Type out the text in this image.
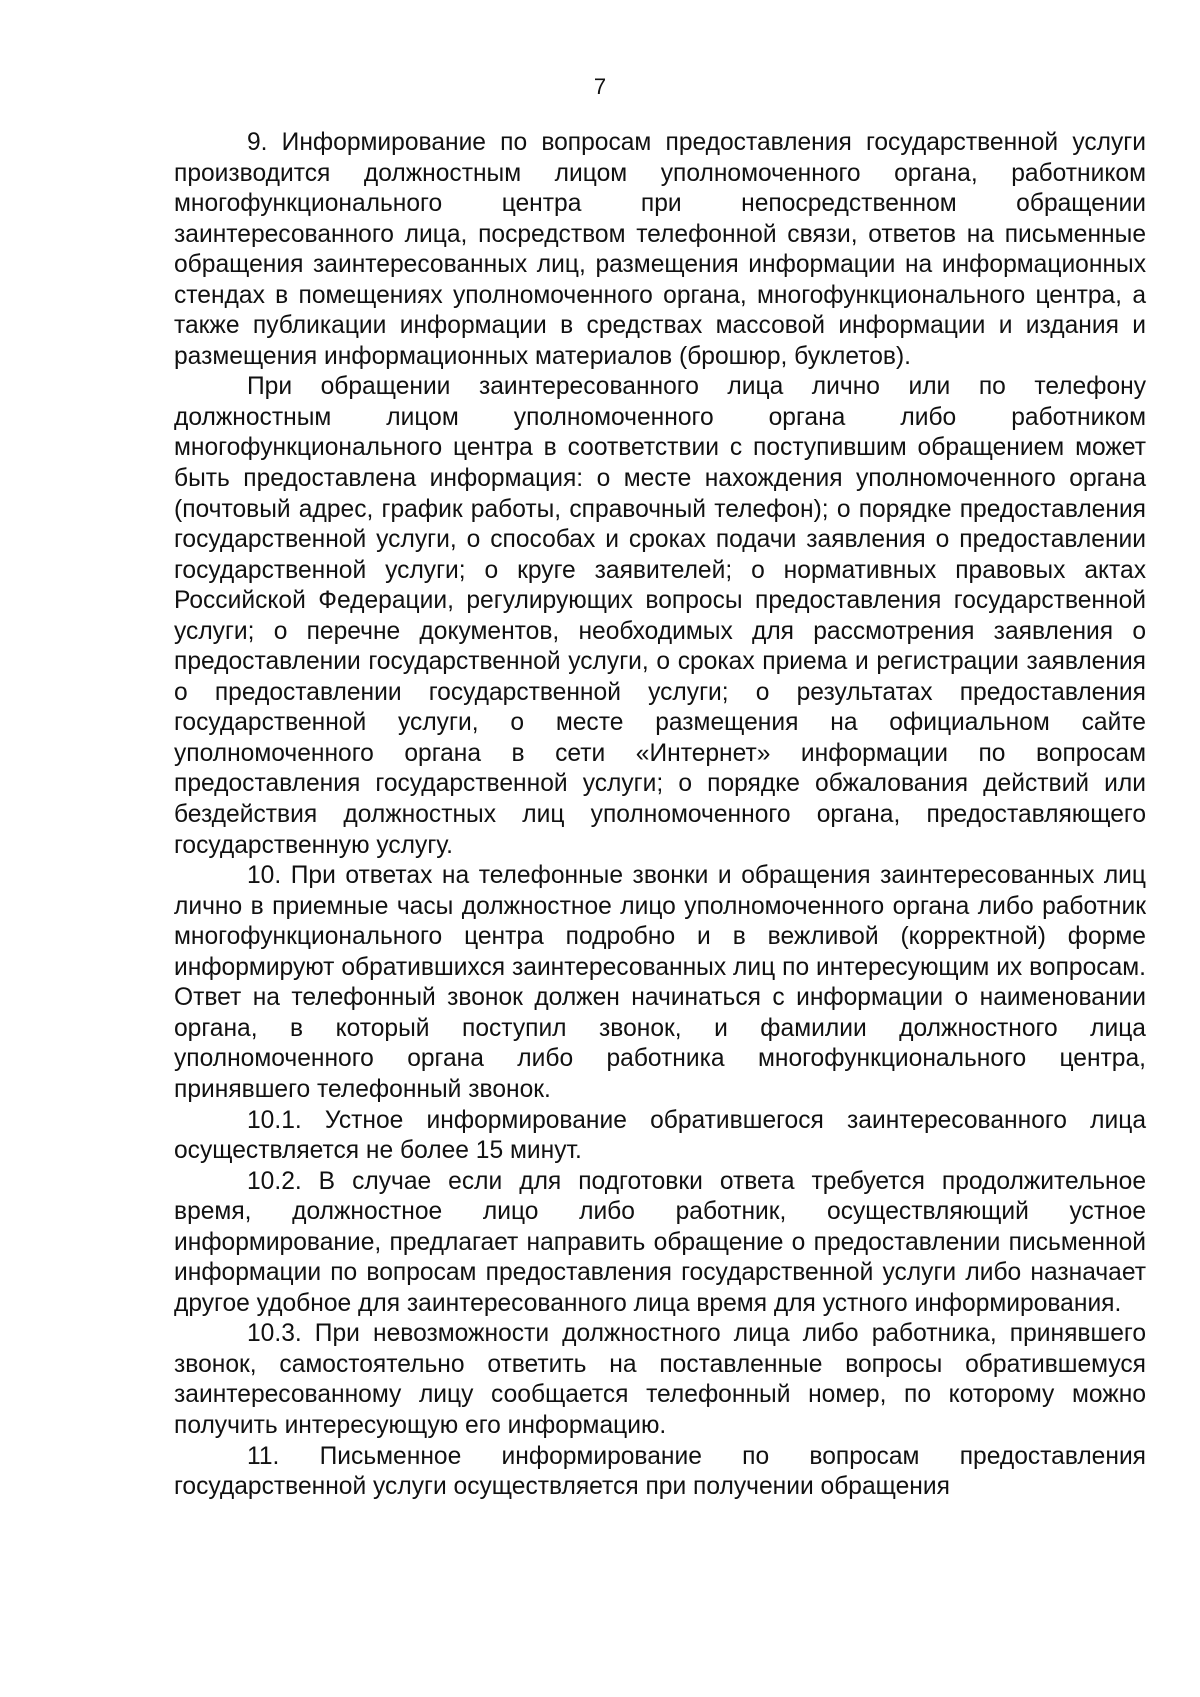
7

9. Информирование по вопросам предоставления государственной услуги производится должностным лицом уполномоченного органа, работником многофункционального центра при непосредственном обращении заинтересованного лица, посредством телефонной связи, ответов на письменные обращения заинтересованных лиц, размещения информации на информационных стендах в помещениях уполномоченного органа, многофункционального центра, а также публикации информации в средствах массовой информации и издания и размещения информационных материалов (брошюр, буклетов).

При обращении заинтересованного лица лично или по телефону должностным лицом уполномоченного органа либо работником многофункционального центра в соответствии с поступившим обращением может быть предоставлена информация: о месте нахождения уполномоченного органа (почтовый адрес, график работы, справочный телефон); о порядке предоставления государственной услуги, о способах и сроках подачи заявления о предоставлении государственной услуги; о круге заявителей; о нормативных правовых актах Российской Федерации, регулирующих вопросы предоставления государственной услуги; о перечне документов, необходимых для рассмотрения заявления о предоставлении государственной услуги, о сроках приема и регистрации заявления о предоставлении государственной услуги; о результатах предоставления государственной услуги, о месте размещения на официальном сайте уполномоченного органа в сети «Интернет» информации по вопросам предоставления государственной услуги; о порядке обжалования действий или бездействия должностных лиц уполномоченного органа, предоставляющего государственную услугу.

10. При ответах на телефонные звонки и обращения заинтересованных лиц лично в приемные часы должностное лицо уполномоченного органа либо работник многофункционального центра подробно и в вежливой (корректной) форме информируют обратившихся заинтересованных лиц по интересующим их вопросам. Ответ на телефонный звонок должен начинаться с информации о наименовании органа, в который поступил звонок, и фамилии должностного лица уполномоченного органа либо работника многофункционального центра, принявшего телефонный звонок.

10.1. Устное информирование обратившегося заинтересованного лица осуществляется не более 15 минут.

10.2. В случае если для подготовки ответа требуется продолжительное время, должностное лицо либо работник, осуществляющий устное информирование, предлагает направить обращение о предоставлении письменной информации по вопросам предоставления государственной услуги либо назначает другое удобное для заинтересованного лица время для устного информирования.

10.3. При невозможности должностного лица либо работника, принявшего звонок, самостоятельно ответить на поставленные вопросы обратившемуся заинтересованному лицу сообщается телефонный номер, по которому можно получить интересующую его информацию.

11. Письменное информирование по вопросам предоставления государственной услуги осуществляется при получении обращения
